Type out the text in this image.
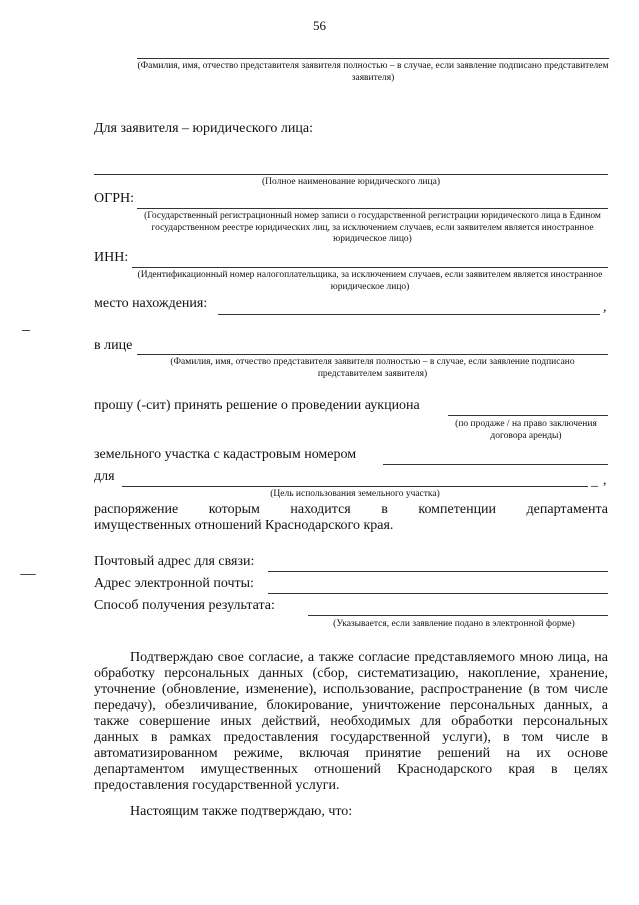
56
(Фамилия, имя, отчество представителя заявителя полностью – в случае, если заявление подписано представителем заявителя)
Для заявителя – юридического лица:
(Полное наименование юридического лица)
ОГРН:
(Государственный регистрационный номер записи о государственной регистрации юридического лица в Едином государственном реестре юридических лиц, за исключением случаев, если заявителем является иностранное юридическое лицо)
ИНН:
(Идентификационный номер налогоплательщика, за исключением случаев, если заявителем является иностранное юридическое лицо)
место нахождения:	,
в лице
(Фамилия, имя, отчество представителя заявителя полностью – в случае, если заявление подписано представителем заявителя)
прошу (-сит) принять решение о проведении аукциона
(по продаже / на право заключения договора аренды)
земельного участка с кадастровым номером
для	_ ,
(Цель использования земельного участка)
распоряжение которым находится в компетенции департамента
имущественных отношений Краснодарского края.
Почтовый адрес для связи:
Адрес электронной почты:
Способ получения результата:
(Указывается, если заявление подано в электронной форме)
Подтверждаю свое согласие, а также согласие представляемого мною лица, на обработку персональных данных (сбор, систематизацию, накопление, хранение, уточнение (обновление, изменение), использование, распространение (в том числе передачу), обезличивание, блокирование, уничтожение персональных данных, а также совершение иных действий, необходимых для обработки персональных данных в рамках предоставления государственной услуги), в том числе в автоматизированном режиме, включая принятие решений на их основе департаментом имущественных отношений Краснодарского края в целях предоставления государственной услуги.
Настоящим также подтверждаю, что:
